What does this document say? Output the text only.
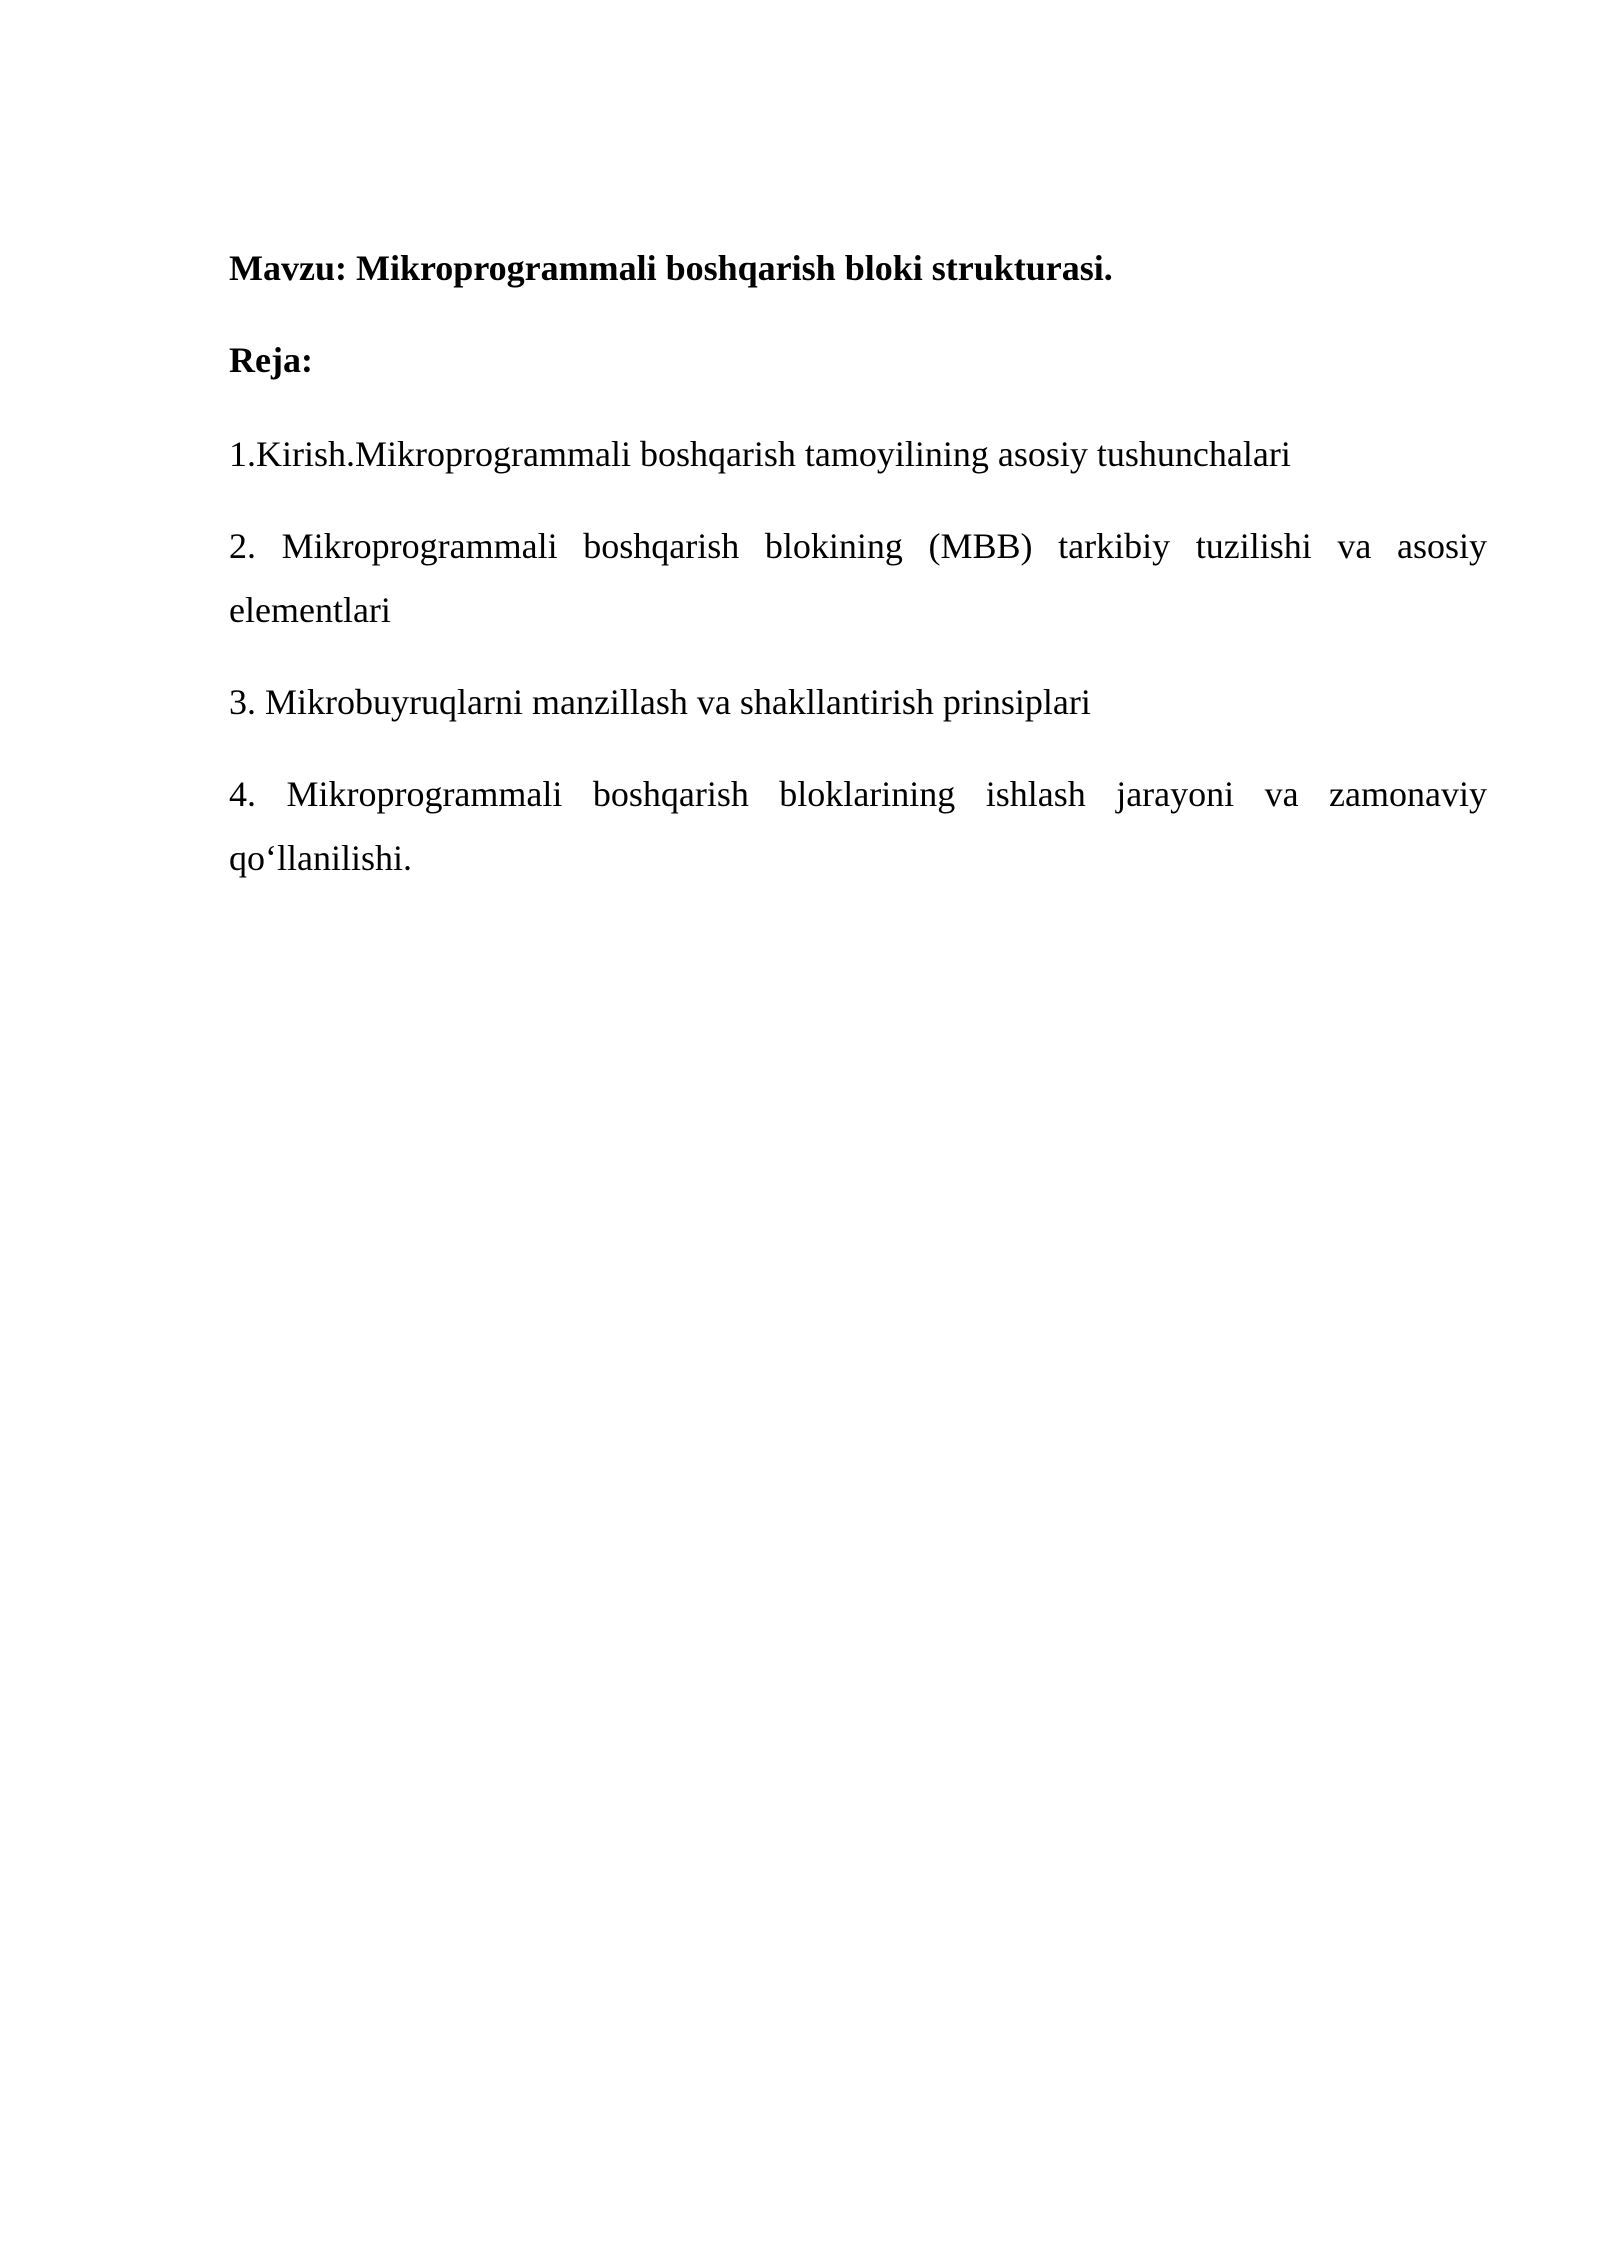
Mavzu: Mikroprogrammali boshqarish bloki strukturasi.

Reja:

1.Kirish.Mikroprogrammali boshqarish tamoyilining asosiy tushunchalari
2. Mikroprogrammali boshqarish blokining (MBB) tarkibiy tuzilishi va asosiy elementlari
3. Mikrobuyruqlarni manzillash va shakllantirish prinsiplari
4. Mikroprogrammali boshqarish bloklarining ishlash jarayoni va zamonaviy qo‘llanilishi.
